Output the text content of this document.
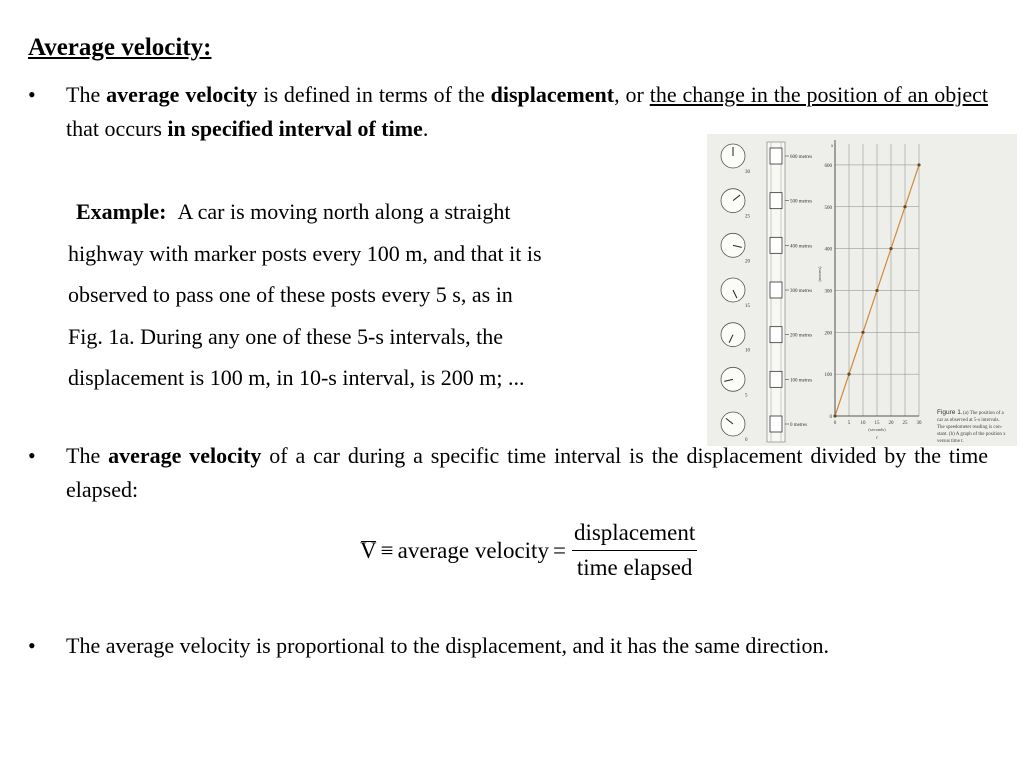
Average velocity:
• The average velocity is defined in terms of the displacement, or the change in the position of an object that occurs in specified interval of time.
Example: A car is moving north along a straight
highway with marker posts every 100 m, and that it is
observed to pass one of these posts every 5 s, as in
Fig. 1a. During any one of these 5-s intervals, the
displacement is 100 m, in 10-s interval, is 200 m; ...
30
25
20
15
10
5
0
600 metres
500 metres
400 metres
300 metres
200 metres
100 metres
0 metres	0 5 10 15 20 25 30
0
100
200
300
400
500
600
(seconds)
t
(metres)
x
Figure 1. (a) The position of a
car as observed at 5-s intervals.
The speedometer reading is con-
stant. (b) A graph of the position x
versus time t.
• The average velocity of a car during a specific time interval is the displacement divided by the time elapsed:
V ≡ average velocity = $\frac{\text{displacement}}{\text{time elapsed}}$
• The average velocity is proportional to the displacement, and it has the same direction.
